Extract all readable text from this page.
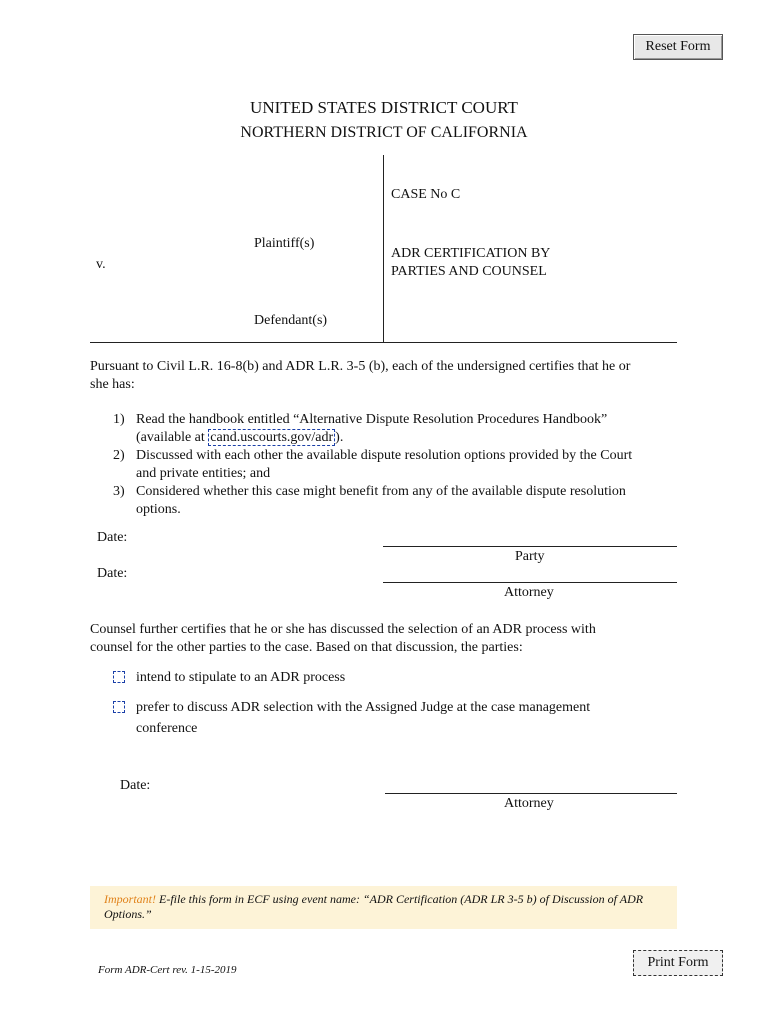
Reset Form
Print Form
UNITED STATES DISTRICT COURT
NORTHERN DISTRICT OF CALIFORNIA
Plaintiff(s)
v.
Defendant(s)
CASE No C
ADR CERTIFICATION BY
PARTIES AND COUNSEL
Pursuant to Civil L.R. 16-8(b) and ADR L.R. 3-5 (b), each of the undersigned certifies that he or
she has:
1) Read the handbook entitled “Alternative Dispute Resolution Procedures Handbook”
(available at cand.uscourts.gov/adr ).
2) Discussed with each other the available dispute resolution options provided by the Court
and private entities; and
3) Considered whether this case might benefit from any of the available dispute resolution
options.
Date:
Party
Date:
Attorney
Counsel further certifies that he or she has discussed the selection of an ADR process with
counsel for the other parties to the case. Based on that discussion, the parties:
intend to stipulate to an ADR process
prefer to discuss ADR selection with the Assigned Judge at the case management
conference
Date:
Attorney
Important! E-file this form in ECF using event name: “ADR Certification (ADR LR 3-5 b) of Discussion of ADR
Options.”
Form ADR-Cert rev. 1-15-2019
